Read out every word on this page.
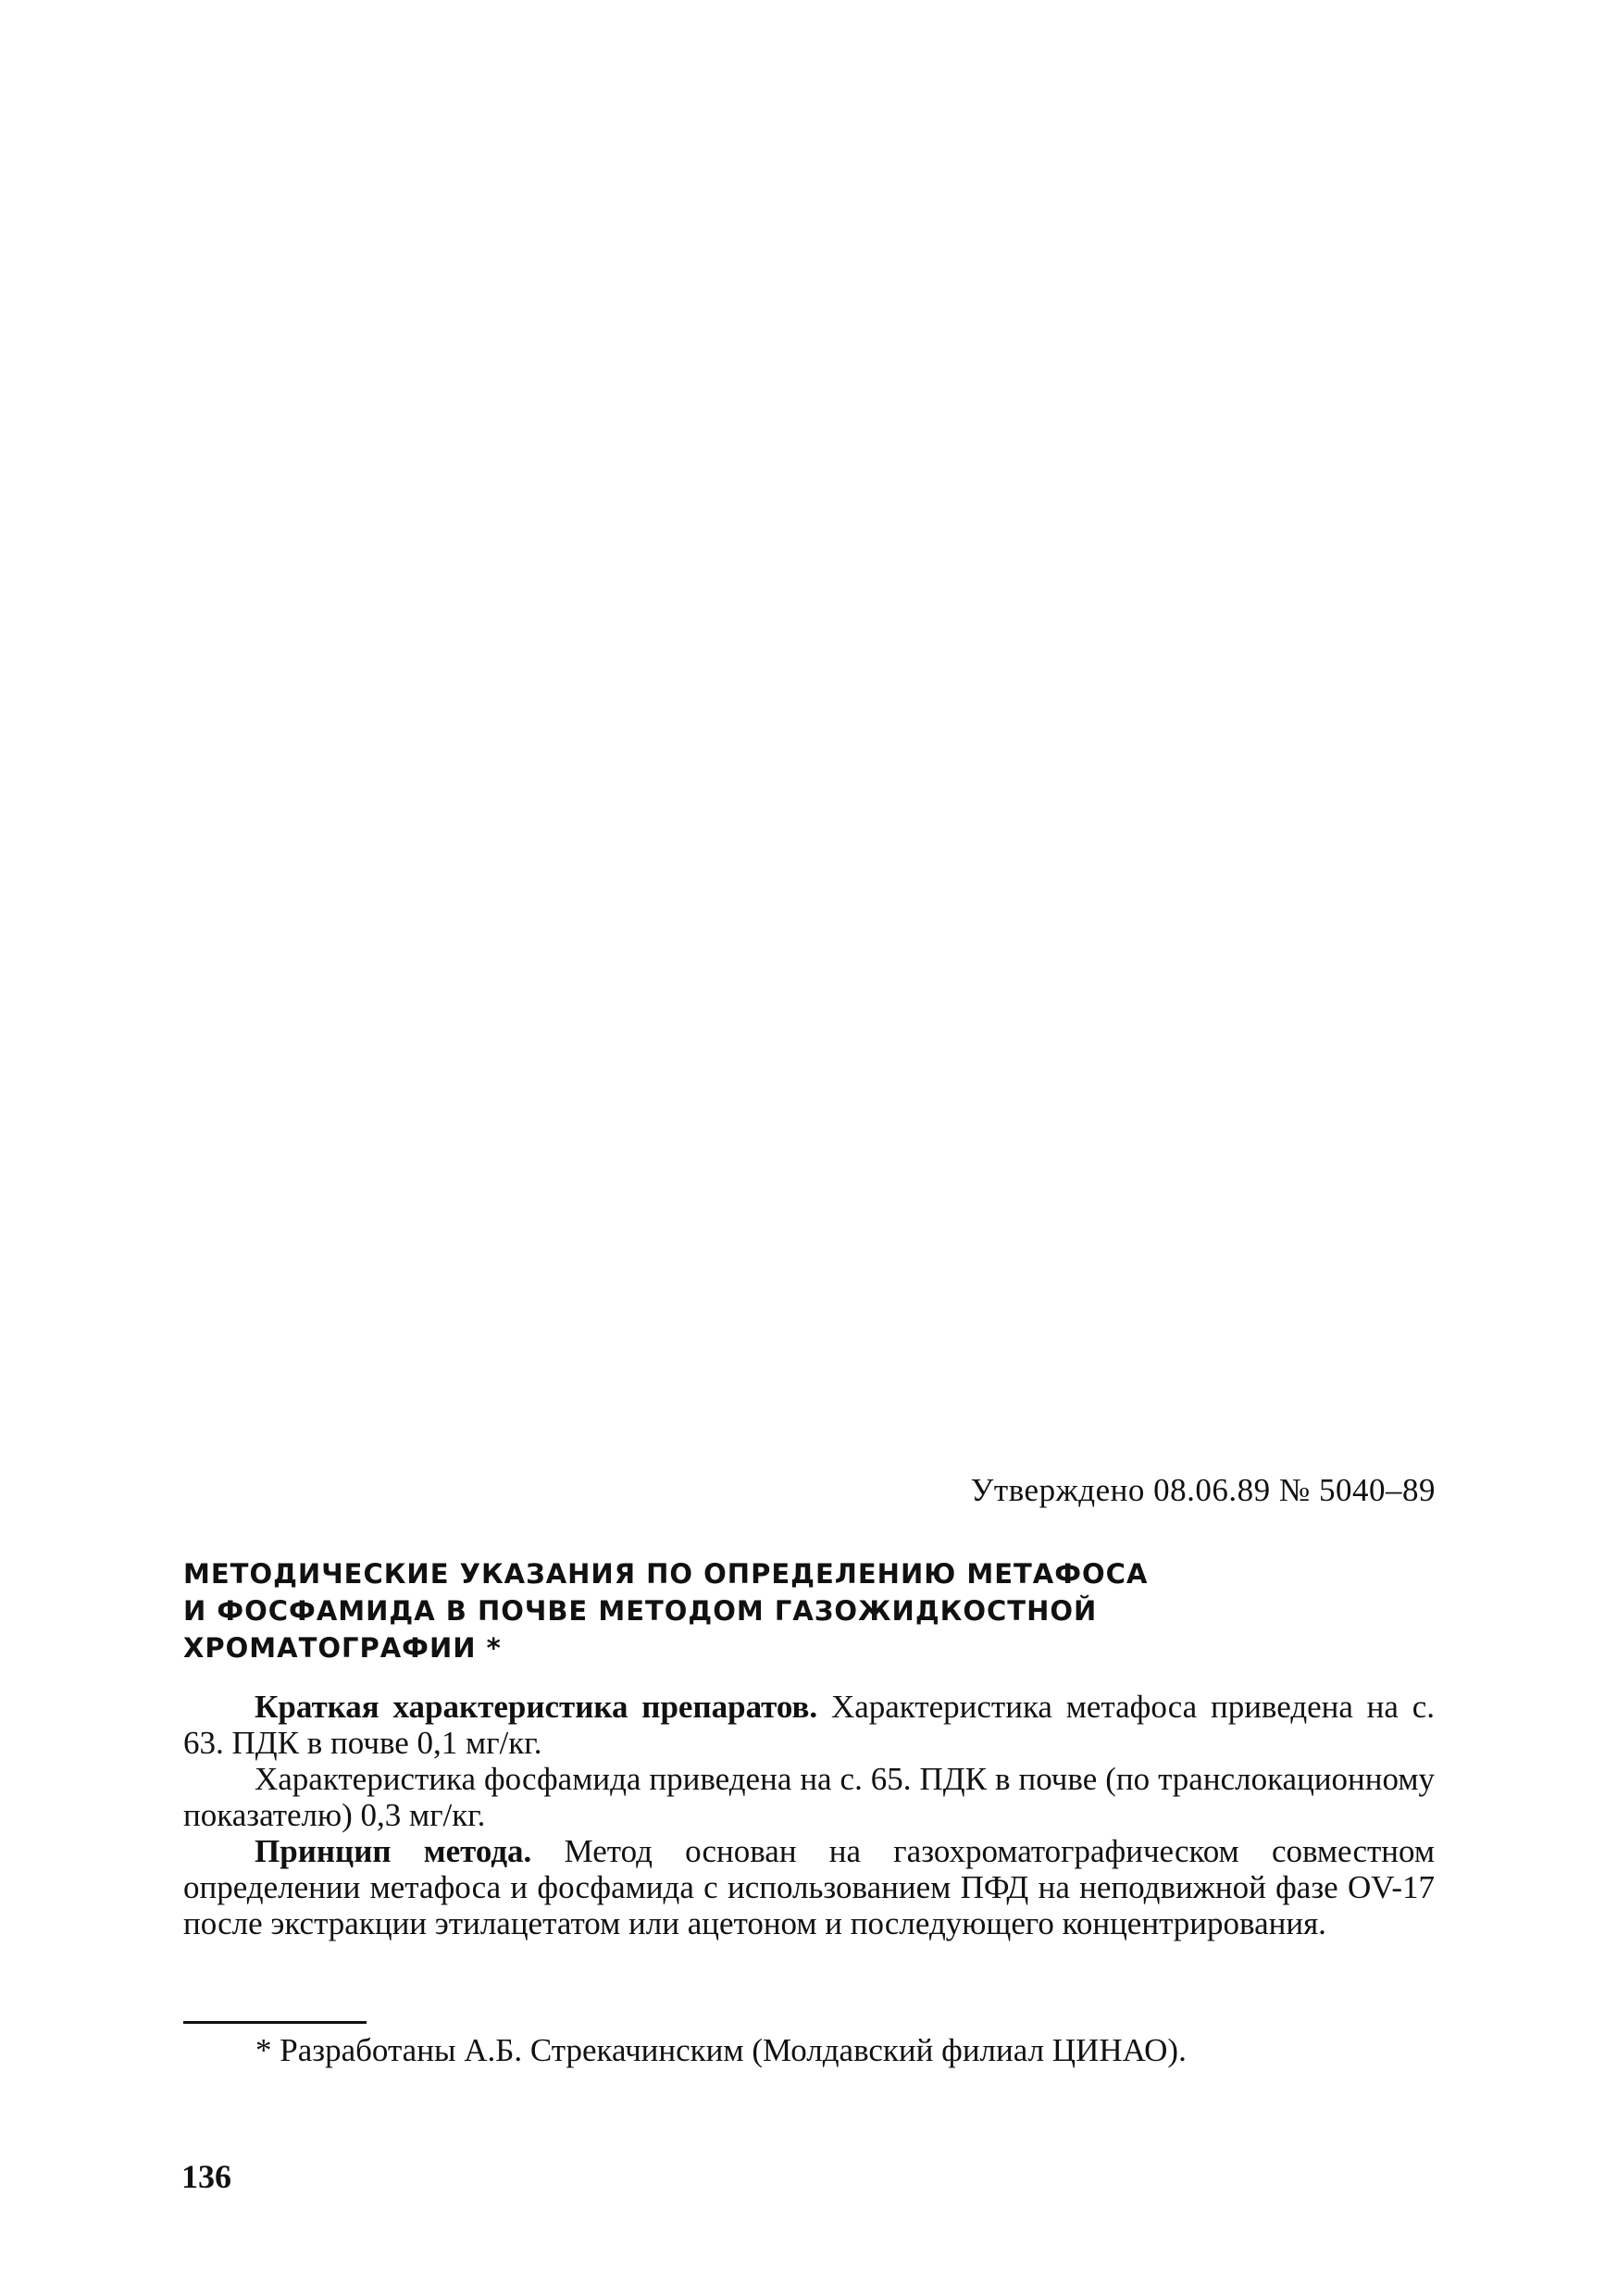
Утверждено 08.06.89 № 5040–89
МЕТОДИЧЕСКИЕ УКАЗАНИЯ ПО ОПРЕДЕЛЕНИЮ МЕТАФОСА
И ФОСФАМИДА В ПОЧВЕ МЕТОДОМ ГАЗОЖИДКОСТНОЙ
ХРОМАТОГРАФИИ *

Краткая характеристика препаратов. Характеристика метафоса приведена на с. 63. ПДК в почве 0,1 мг/кг.

Характеристика фосфамида приведена на с. 65. ПДК в почве (по транслокационному показателю) 0,3 мг/кг.

Принцип метода. Метод основан на газохроматографическом совместном определении метафоса и фосфамида с использованием ПФД на неподвижной фазе OV-17 после экстракции этилацетатом или ацетоном и последующего концентрирования.

* Разработаны А.Б. Стрекачинским (Молдавский филиал ЦИНАО).
136
